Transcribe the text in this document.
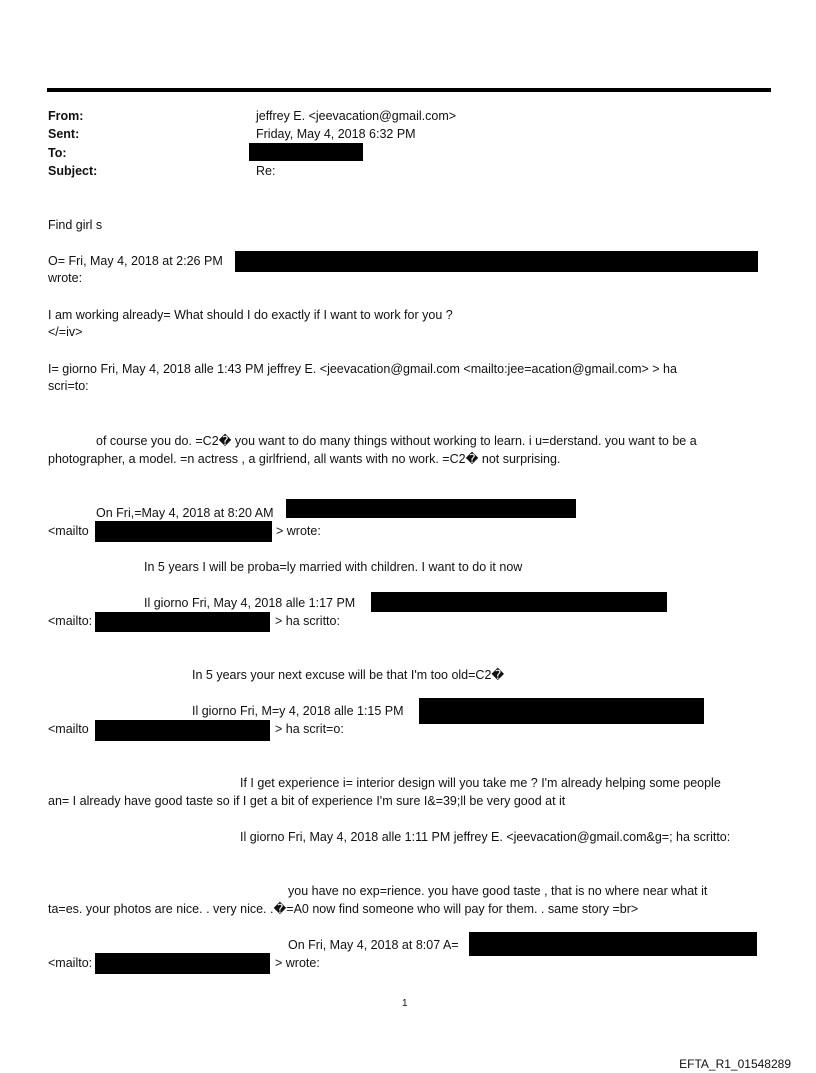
From:	jeffrey E. <jeevacation@gmail.com>
Sent:	Friday, May 4, 2018 6:32 PM
To:
Subject:	Re:
Find girl s
O= Fri, May 4, 2018 at 2:26 PM
wrote:
I am working already= What should I do exactly if I want to work for you ?
</=iv>
I= giorno Fri, May 4, 2018 alle 1:43 PM jeffrey E. <jeevacation@gmail.com <mailto:jee=acation@gmail.com> > ha
scri=to:
of course you do. =C2� you want to do many things without working to learn. i u=derstand. you want to be a
photographer, a model. =n actress , a girlfriend, all wants with no work. =C2� not surprising.
On Fri,=May 4, 2018 at 8:20 AM
<mailto	> wrote:
In 5 years I will be proba=ly married with children. I want to do it now
Il giorno Fri, May 4, 2018 alle 1:17 PM
<mailto:	> ha scritto:
In 5 years your next excuse will be that I'm too old=C2�
Il giorno Fri, M=y 4, 2018 alle 1:15 PM
<mailto	> ha scrit=o:
If I get experience i= interior design will you take me ? I'm already helping some people
an= I already have good taste so if I get a bit of experience I'm sure I&=39;ll be very good at it
Il giorno Fri, May 4, 2018 alle 1:11 PM jeffrey E. <jeevacation@gmail.com&g=; ha scritto:
you have no exp=rience. you have good taste , that is no where near what it
ta=es. your photos are nice. . very nice. .�=A0 now find someone who will pay for them. . same story =br>
On Fri, May 4, 2018 at 8:07 A=
<mailto:	> wrote:
1
EFTA_R1_01548289
